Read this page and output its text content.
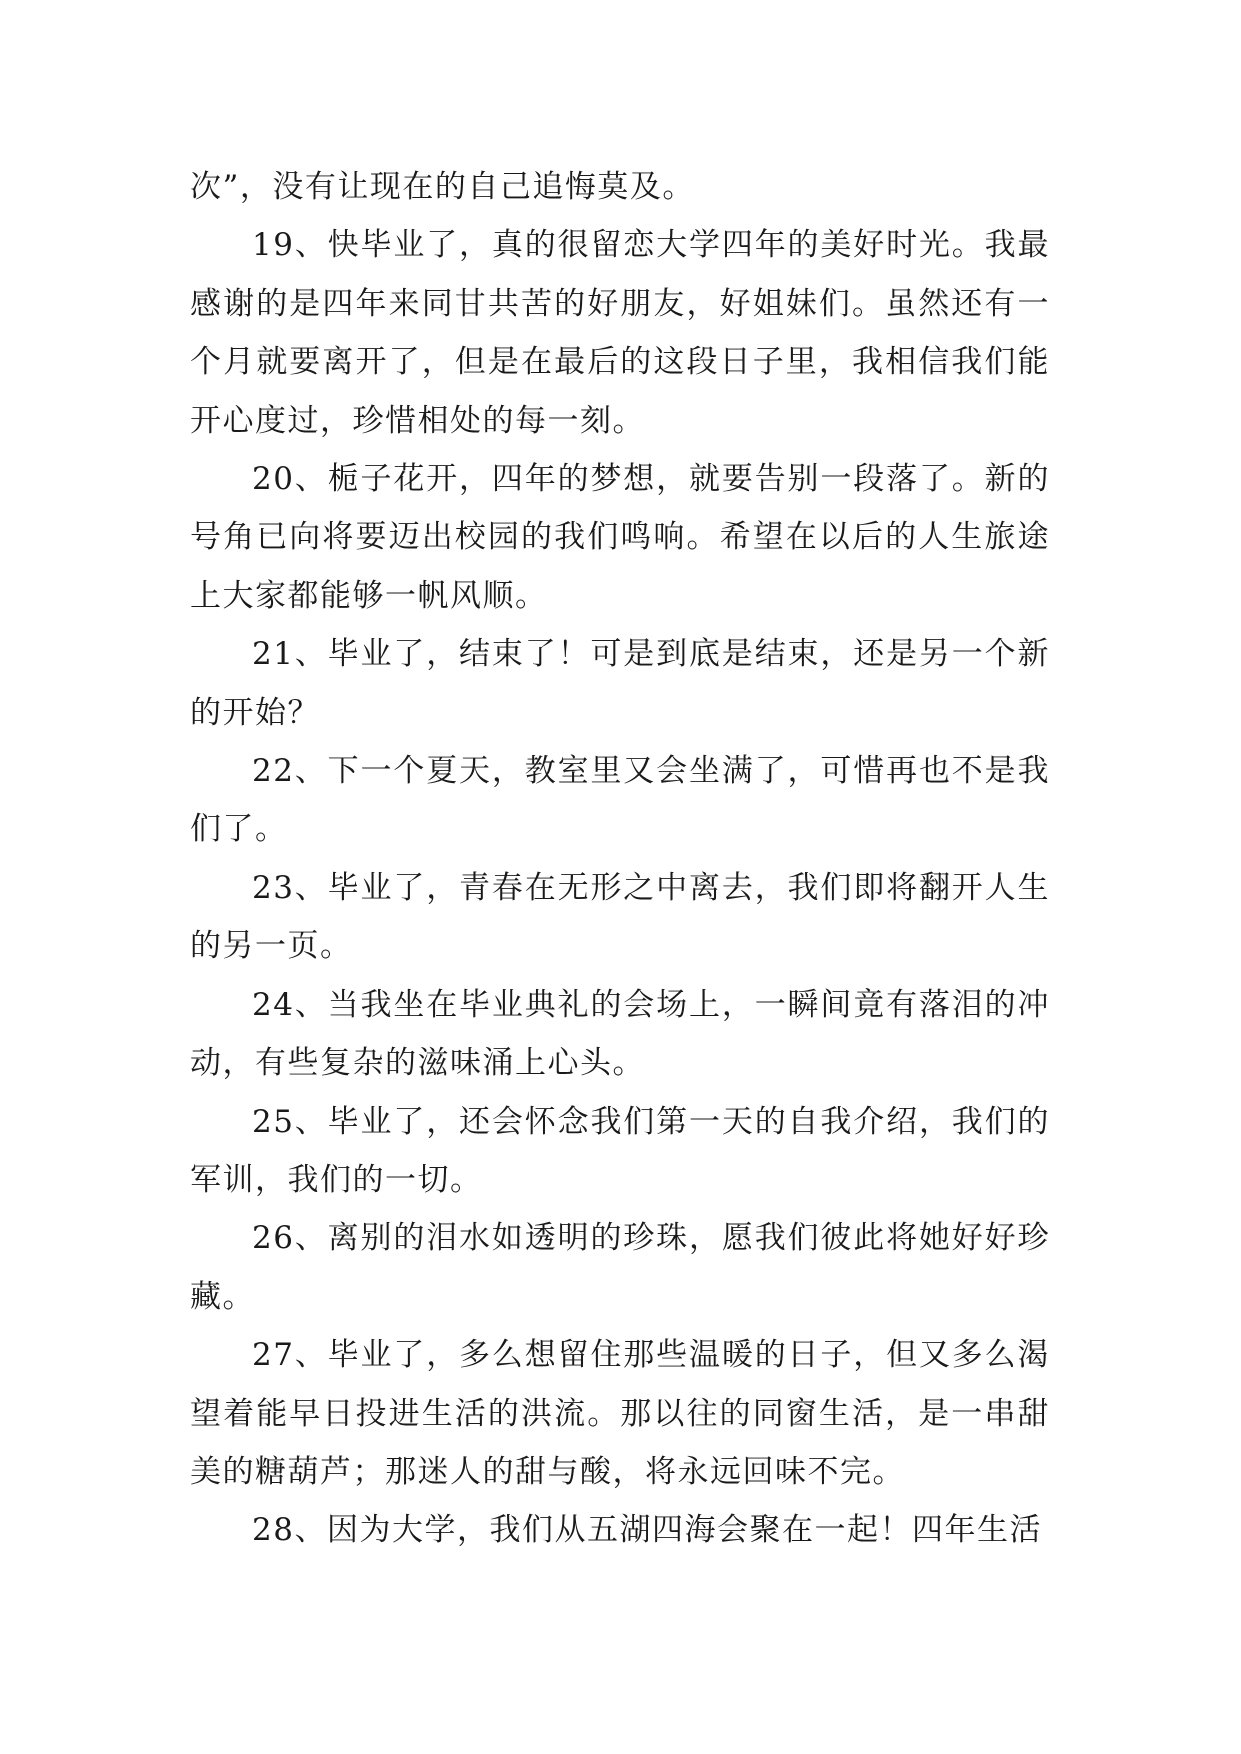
次”，没有让现在的自己追悔莫及。

19、快毕业了，真的很留恋大学四年的美好时光。我最感谢的是四年来同甘共苦的好朋友，好姐妹们。虽然还有一个月就要离开了，但是在最后的这段日子里，我相信我们能开心度过，珍惜相处的每一刻。

20、栀子花开，四年的梦想，就要告别一段落了。新的号角已向将要迈出校园的我们鸣响。希望在以后的人生旅途上大家都能够一帆风顺。

21、毕业了，结束了！可是到底是结束，还是另一个新的开始？

22、下一个夏天，教室里又会坐满了，可惜再也不是我们了。

23、毕业了，青春在无形之中离去，我们即将翻开人生的另一页。

24、当我坐在毕业典礼的会场上，一瞬间竟有落泪的冲动，有些复杂的滋味涌上心头。

25、毕业了，还会怀念我们第一天的自我介绍，我们的军训，我们的一切。

26、离别的泪水如透明的珍珠，愿我们彼此将她好好珍藏。

27、毕业了，多么想留住那些温暖的日子，但又多么渴望着能早日投进生活的洪流。那以往的同窗生活，是一串甜美的糖葫芦；那迷人的甜与酸，将永远回味不完。

28、因为大学，我们从五湖四海会聚在一起！四年生活
